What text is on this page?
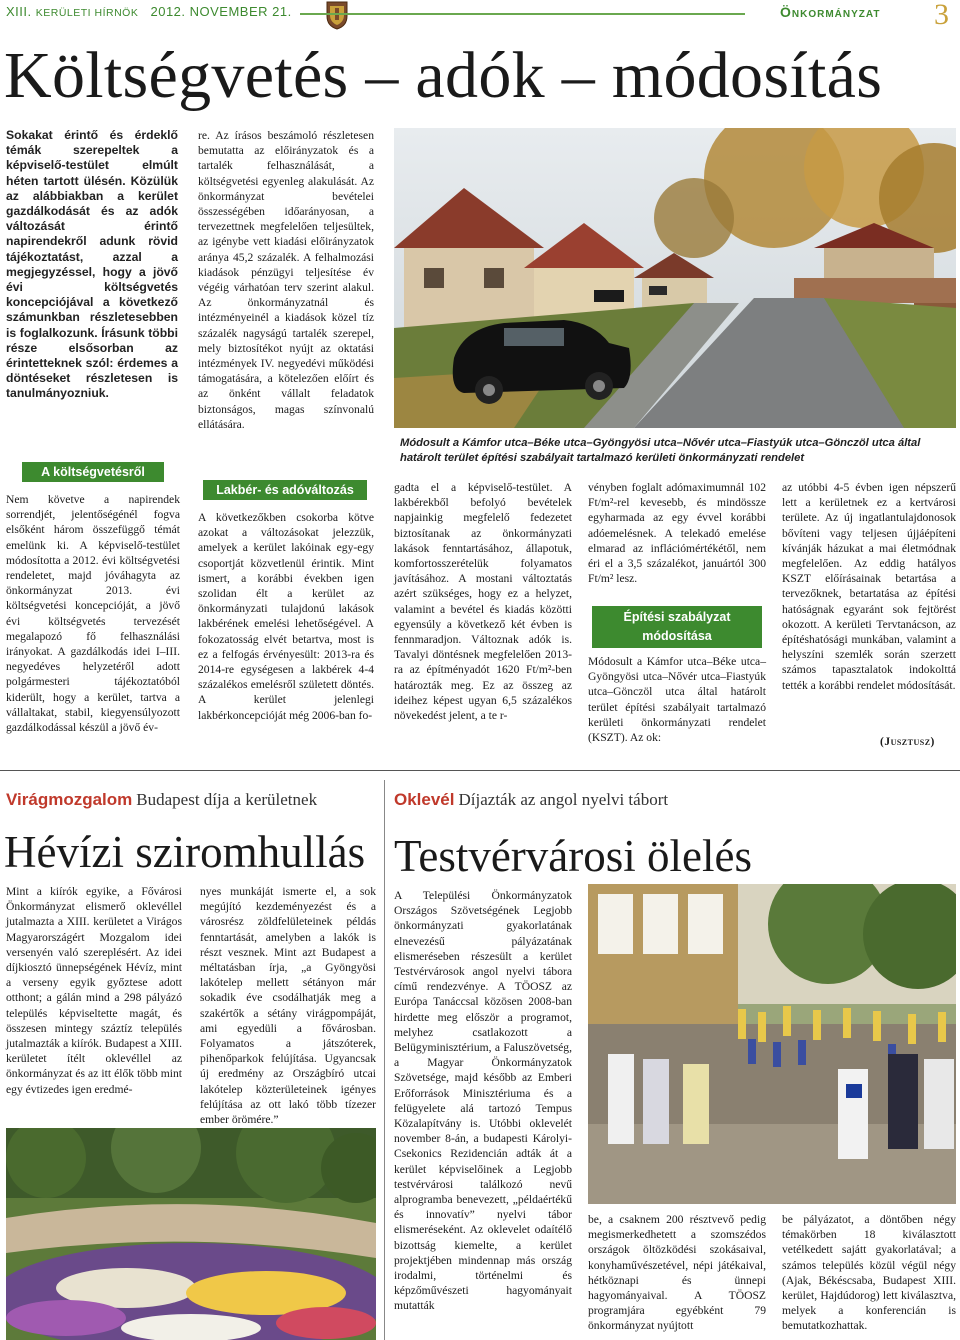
XIII. KERÜLETI HÍRNÖK 2012. NOVEMBER 21.	Önkormányzat 3
Költségvetés – adók – módosítás
Sokakat érintő és érdeklő témák szerepeltek a képviselő-testület elmúlt héten tartott ülésén. Közülük az alábbiakban a kerület gazdálkodását és az adók változását érintő napirendekről adunk rövid tájékoztatást, azzal a megjegyzéssel, hogy a jövő évi költségvetés koncepciójával a következő számunkban részletesebben is foglalkozunk. Írásunk többi része elsősorban az érintetteknek szól: érdemes a döntéseket részletesen is tanulmányozniuk.
A költségvetésről
Nem követve a napirendek sorrendjét, jelentőségénél fogva elsőként három összefüggő témát emelünk ki. A képviselő-testület módosította a 2012. évi költségvetési rendeletet, majd jóváhagyta az önkormányzat 2013. évi költségvetési koncepcióját, a jövő évi költségvetés tervezését megalapozó fő felhasználási irányokat. A gazdálkodás idei I–III. negyedéves helyzetéről adott polgármesteri tájékoztatóból kiderült, hogy a kerület, tartva a vállaltakat, stabil, kiegyensúlyozott gazdálkodással készül a jövő év-
re. Az írásos beszámoló részletesen bemutatta az előirányzatok és a tartalék felhasználását, a költségvetési egyenleg alakulását. Az önkormányzat bevételei összességében időarányosan, a tervezettnek megfelelően teljesültek, az igénybe vett kiadási előirányzatok aránya 45,2 százalék. A felhalmozási kiadások pénzügyi teljesítése év végéig várhatóan terv szerint alakul. Az önkormányzatnál és intézményeinél a kiadások közel tíz százalék nagyságú tartalék szerepel, mely biztosítékot nyújt az oktatási intézmények IV. negyedévi működési támogatására, a kötelezően előírt és az önként vállalt feladatok biztonságos, magas színvonalú ellátására.
Lakbér- és adóváltozás
A következőkben csokorba kötve azokat a változásokat jelezzük, amelyek a kerület lakóinak egy-egy csoportját közvetlenül érintik. Mint ismert, a korábbi években igen szolidan élt a kerület az önkormányzati tulajdonú lakások lakbérének emelési lehetőségével. A fokozatosság elvét betartva, most is ez a felfogás érvényesült: 2013-ra és 2014-re egységesen a lakbérek 4-4 százalékos emelésről született döntés. A kerület jelenlegi lakbérkoncepcióját még 2006-ban fo-
Módosult a Kámfor utca–Béke utca–Gyöngyösi utca–Nővér utca–Fiastyúk utca–Gönczöl utca által határolt terület építési szabályait tartalmazó kerületi önkormányzati rendelet
gadta el a képviselő-testület. A lakbérekből befolyó bevételek napjainkig megfelelő fedezetet biztosítanak az önkormányzati lakások fenntartásához, állapotuk, komfortosszerételük folyamatos javításához. A mostani változtatás azért szükséges, hogy ez a helyzet, valamint a bevétel és kiadás közötti egyensúly a következő két évben is fennmaradjon. Változnak adók is. Tavalyi döntésnek megfelelően 2013-ra az építményadót 1620 Ft/m²-ben határozták meg. Ez az összeg az ideihez képest ugyan 6,5 százalékos növekedést jelent, a te r-
vényben foglalt adómaximumnál 102 Ft/m²-rel kevesebb, és mindössze egyharmada az egy évvel korábbi adóemelésnek. A telekadó emelése elmarad az inflációmértékétől, nem éri el a 3,5 százalékot, januártól 300 Ft/m² lesz.
Építési szabályzat módosítása
Módosult a Kámfor utca–Béke utca–Gyöngyösi utca–Nővér utca–Fiastyúk utca–Gönczöl utca által határolt terület építési szabályait tartalmazó kerületi önkormányzati rendelet (KSZT). Az ok:
az utóbbi 4-5 évben igen népszerű lett a kerületnek ez a kertvárosi területe. Az új ingatlantulajdonosok bővíteni vagy teljesen újjáépíteni kívánják házukat a mai életmódnak megfelelően. Az eddig hatályos KSZT előírásainak betartása a tervezőknek, betartatása az építési hatóságnak egyaránt sok fejtörést okozott. A kerületi Tervtanácson, az építéshatósági munkában, valamint a helyszíni szemlék során szerzett számos tapasztalatok indokolttá tették a korábbi rendelet módosítását.
(Jusztusz)
Virágmozgalom Budapest díja a kerületnek
Hévízi sziromhullás
Mint a kiírók egyike, a Fővárosi Önkormányzat elismerő oklevéllel jutalmazta a XIII. kerületet a Virágos Magyarországért Mozgalom idei versenyén való szereplésért. Az idei díjkiosztó ünnepségének Hévíz, mint a verseny egyik győztese adott otthont; a gálán mind a 298 pályázó település képviseltette magát, és összesen mintegy száztíz település jutalmazták a kiírók. Budapest a XIII. kerületet ítélt oklevéllel az önkormányzat és az itt élők több mint egy évtizedes igen eredmé-
nyes munkáját ismerte el, a sok megújító kezdeményezést és a városrész zöldfelületeinek példás fenntartását, amelyben a lakók is részt vesznek. Mint azt Budapest a méltatásban írja, „a Gyöngyösi lakótelep mellett sétányon már sokadik éve csodálhatják meg a szakértők a sétány virágpompáját, ami egyedüli a fővárosban. Folyamatos a játszóterek, pihenőparkok felújítása. Ugyancsak új eredmény az Országbíró utcai lakótelep közterületeinek igényes felújítása az ott lakó több tízezer ember örömére.”
Oklevél Díjazták az angol nyelvi tábort
Testvérvárosi ölelés
A Települési Önkormányzatok Országos Szövetségének Legjobb önkormányzati gyakorlatának elnevezésű pályázatának elismeréseben részesült a kerület Testvérvárosok angol nyelvi tábora című rendezvénye. A TÖOSZ az Európa Tanáccsal közösen 2008-ban hirdette meg először a programot, melyhez csatlakozott a Belügyminisztérium, a Faluszövetség, a Magyar Önkormányzatok Szövetsége, majd később az Emberi Erőforrások Minisztériuma és a felügyelete alá tartozó Tempus Közalapítvány is. Utóbbi oklevelét november 8-án, a budapesti Károlyi-Csekonics Rezidencián adták át a kerület képviselőinek a Legjobb testvérvárosi találkozó nevű alprogramba benevezett, „példaértékű és innovatív” nyelvi tábor elismeréseként. Az oklevelet odaítélő bizottság kiemelte, a kerület projektjében mindennap más ország irodalmi, történelmi és képzőművészeti hagyományait mutatták
be, a csaknem 200 résztvevő pedig megismerkedhetett a szomszédos országok öltözködési szokásaival, konyhaművészetével, népi játékaival, hétköznapi és ünnepi hagyományaival. A TÖOSZ programjára egyébként 79 önkormányzat nyújtott
be pályázatot, a döntőben négy témakörben 18 kiválasztott vetélkedett sajátt gyakorlatával; a számos település közül végül négy (Ajak, Békéscsaba, Budapest XIII. kerület, Hajdúdorog) lett kiválasztva, melyek a konferencián is bemutatkozhattak.
